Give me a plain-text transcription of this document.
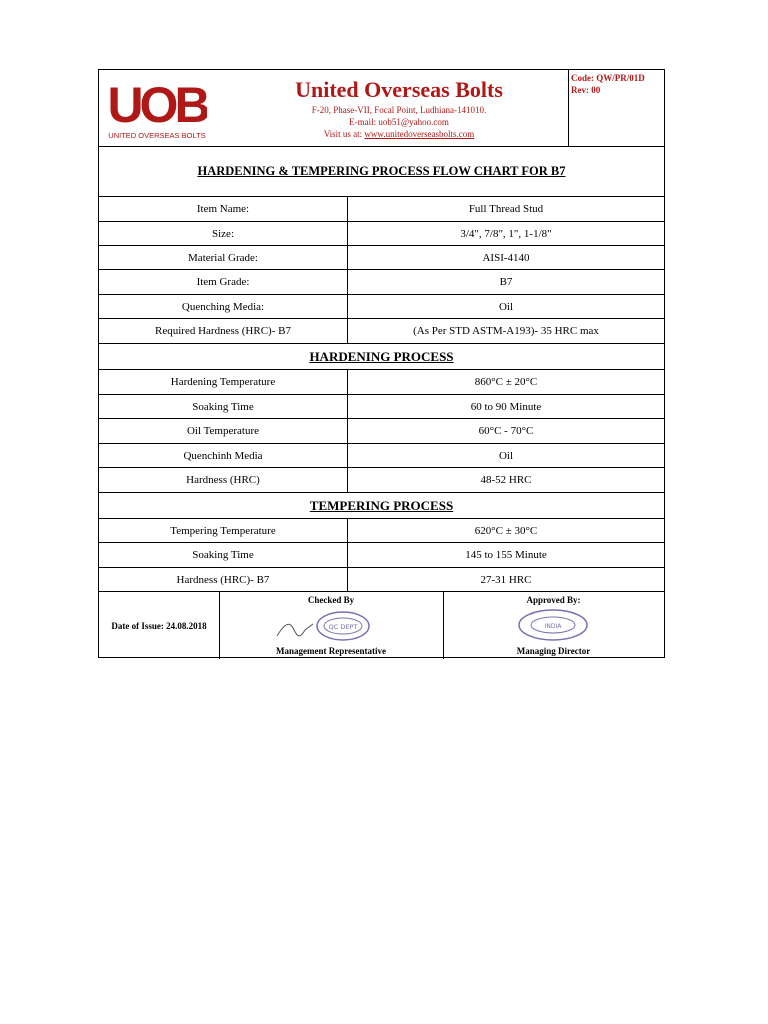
UOB
UNITED OVERSEAS BOLTS
United Overseas Bolts
F-20, Phase-VII, Focal Point, Ludhiana-141010.
E-mail: uob51@yahoo.com
Visit us at: www.unitedoverseasbolts.com
Code: QW/PR/01D
Rev: 00
HARDENING & TEMPERING PROCESS FLOW CHART FOR B7
Item Name:	Full Thread Stud
Size:	3/4", 7/8", 1", 1-1/8"
Material Grade:	AISI-4140
Item Grade:	B7
Quenching Media:	Oil
Required Hardness (HRC)- B7	(As Per STD ASTM-A193)- 35 HRC max
HARDENING PROCESS
Hardening Temperature	860°C ± 20°C
Soaking Time	60 to 90 Minute
Oil Temperature	60°C - 70°C
Quenchinh Media	Oil
Hardness (HRC)	48-52 HRC
TEMPERING PROCESS
Tempering Temperature	620°C ± 30°C
Soaking Time	145 to 155 Minute
Hardness (HRC)- B7	27-31 HRC
Date of Issue: 24.08.2018
Checked By
QC DEPT
Management Representative
Approved By:
INDIA
Managing Director
